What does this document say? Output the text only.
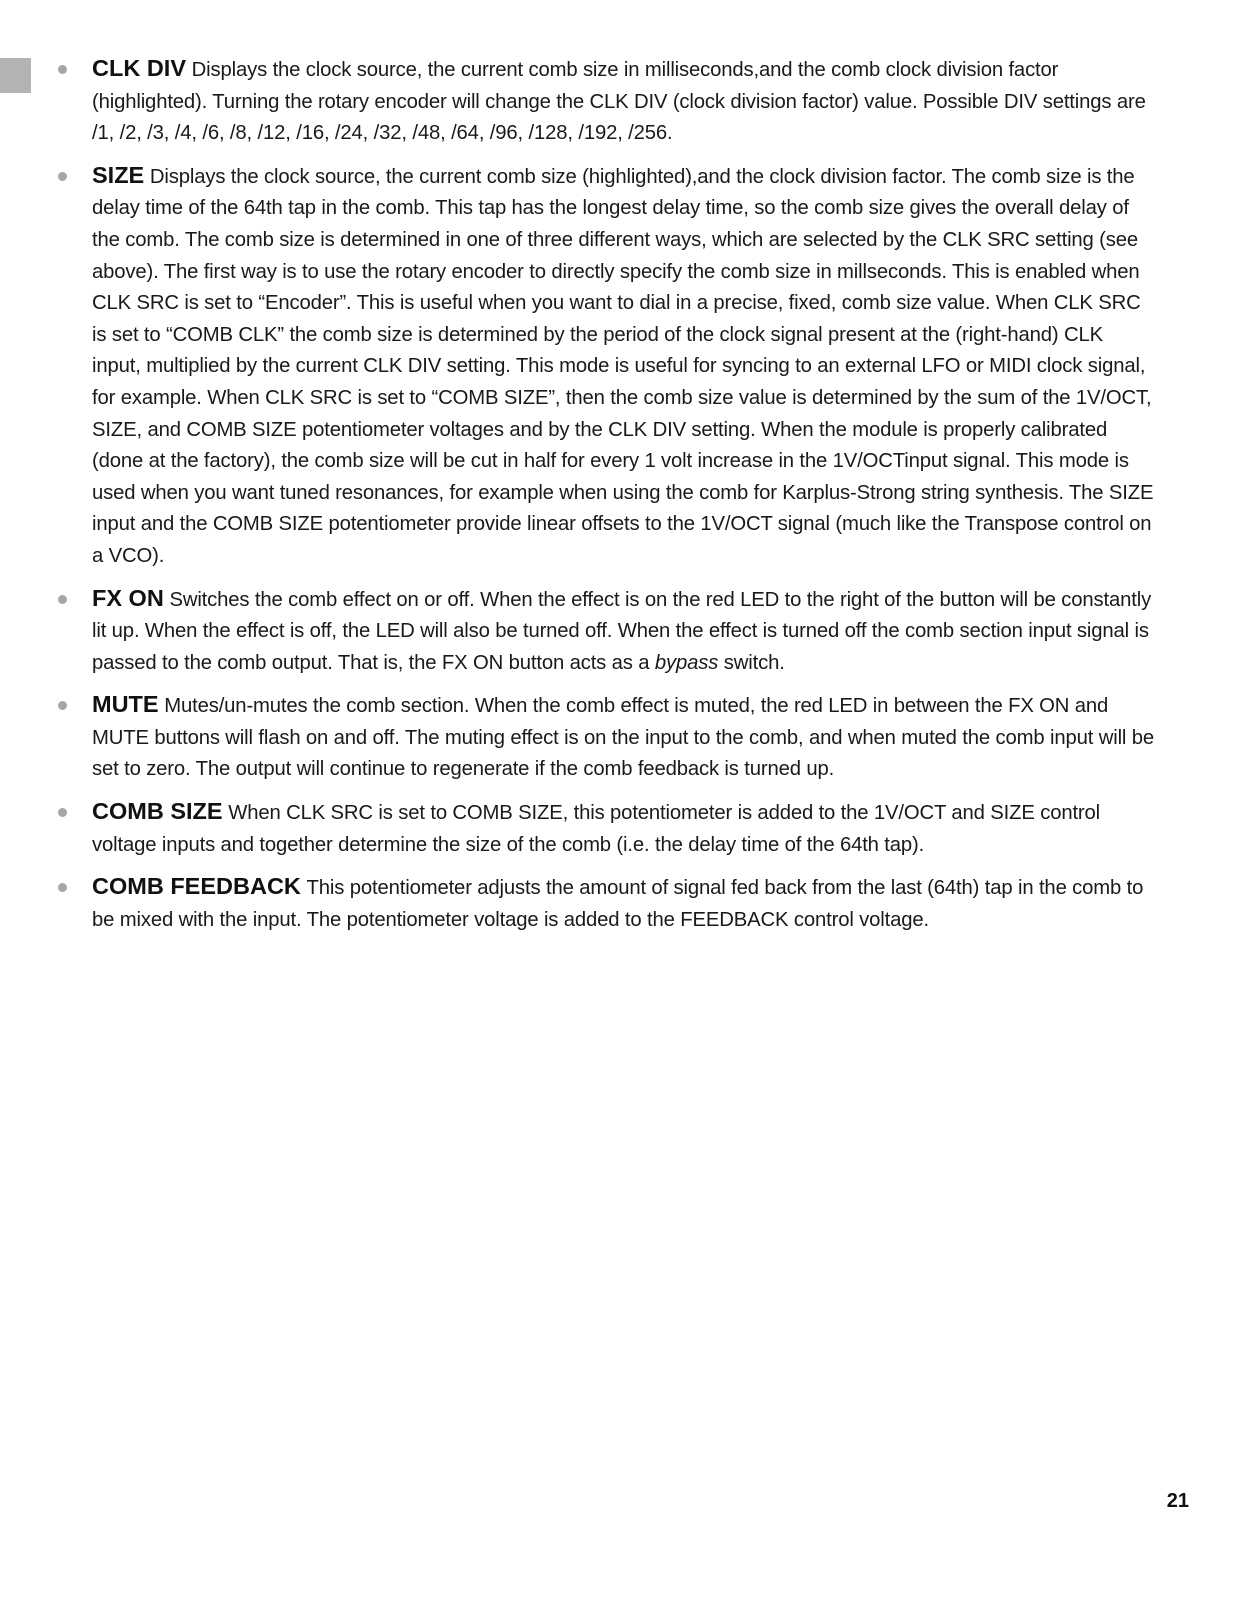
CLK DIV Displays the clock source, the current comb size in milliseconds,and the comb clock division factor (highlighted). Turning the rotary encoder will change the CLK DIV (clock division factor) value. Possible DIV settings are /1, /2, /3, /4, /6, /8, /12, /16, /24, /32, /48, /64, /96, /128, /192, /256.
SIZE Displays the clock source, the current comb size (highlighted),and the clock division factor. The comb size is the delay time of the 64th tap in the comb. This tap has the longest delay time, so the comb size gives the overall delay of the comb. The comb size is determined in one of three different ways, which are selected by the CLK SRC setting (see above). The first way is to use the rotary encoder to directly specify the comb size in millseconds. This is enabled when CLK SRC is set to “Encoder”. This is useful when you want to dial in a precise, fixed, comb size value. When CLK SRC is set to “COMB CLK” the comb size is determined by the period of the clock signal present at the (right-hand) CLK input, multiplied by the current CLK DIV setting. This mode is useful for syncing to an external LFO or MIDI clock signal, for example. When CLK SRC is set to “COMB SIZE”, then the comb size value is determined by the sum of the 1V/OCT, SIZE, and COMB SIZE potentiometer voltages and by the CLK DIV setting. When the module is properly calibrated (done at the factory), the comb size will be cut in half for every 1 volt increase in the 1V/OCTinput signal. This mode is used when you want tuned resonances, for example when using the comb for Karplus-Strong string synthesis. The SIZE input and the COMB SIZE potentiometer provide linear offsets to the 1V/OCT signal (much like the Transpose control on a VCO).
FX ON Switches the comb effect on or off. When the effect is on the red LED to the right of the button will be constantly lit up. When the effect is off, the LED will also be turned off. When the effect is turned off the comb section input signal is passed to the comb output. That is, the FX ON button acts as a bypass switch.
MUTE Mutes/un-mutes the comb section. When the comb effect is muted, the red LED in between the FX ON and MUTE buttons will flash on and off. The muting effect is on the input to the comb, and when muted the comb input will be set to zero. The output will continue to regenerate if the comb feedback is turned up.
COMB SIZE When CLK SRC is set to COMB SIZE, this potentiometer is added to the 1V/OCT and SIZE control voltage inputs and together determine the size of the comb (i.e. the delay time of the 64th tap).
COMB FEEDBACK This potentiometer adjusts the amount of signal fed back from the last (64th) tap in the comb to be mixed with the input. The potentiometer voltage is added to the FEEDBACK control voltage.
21
